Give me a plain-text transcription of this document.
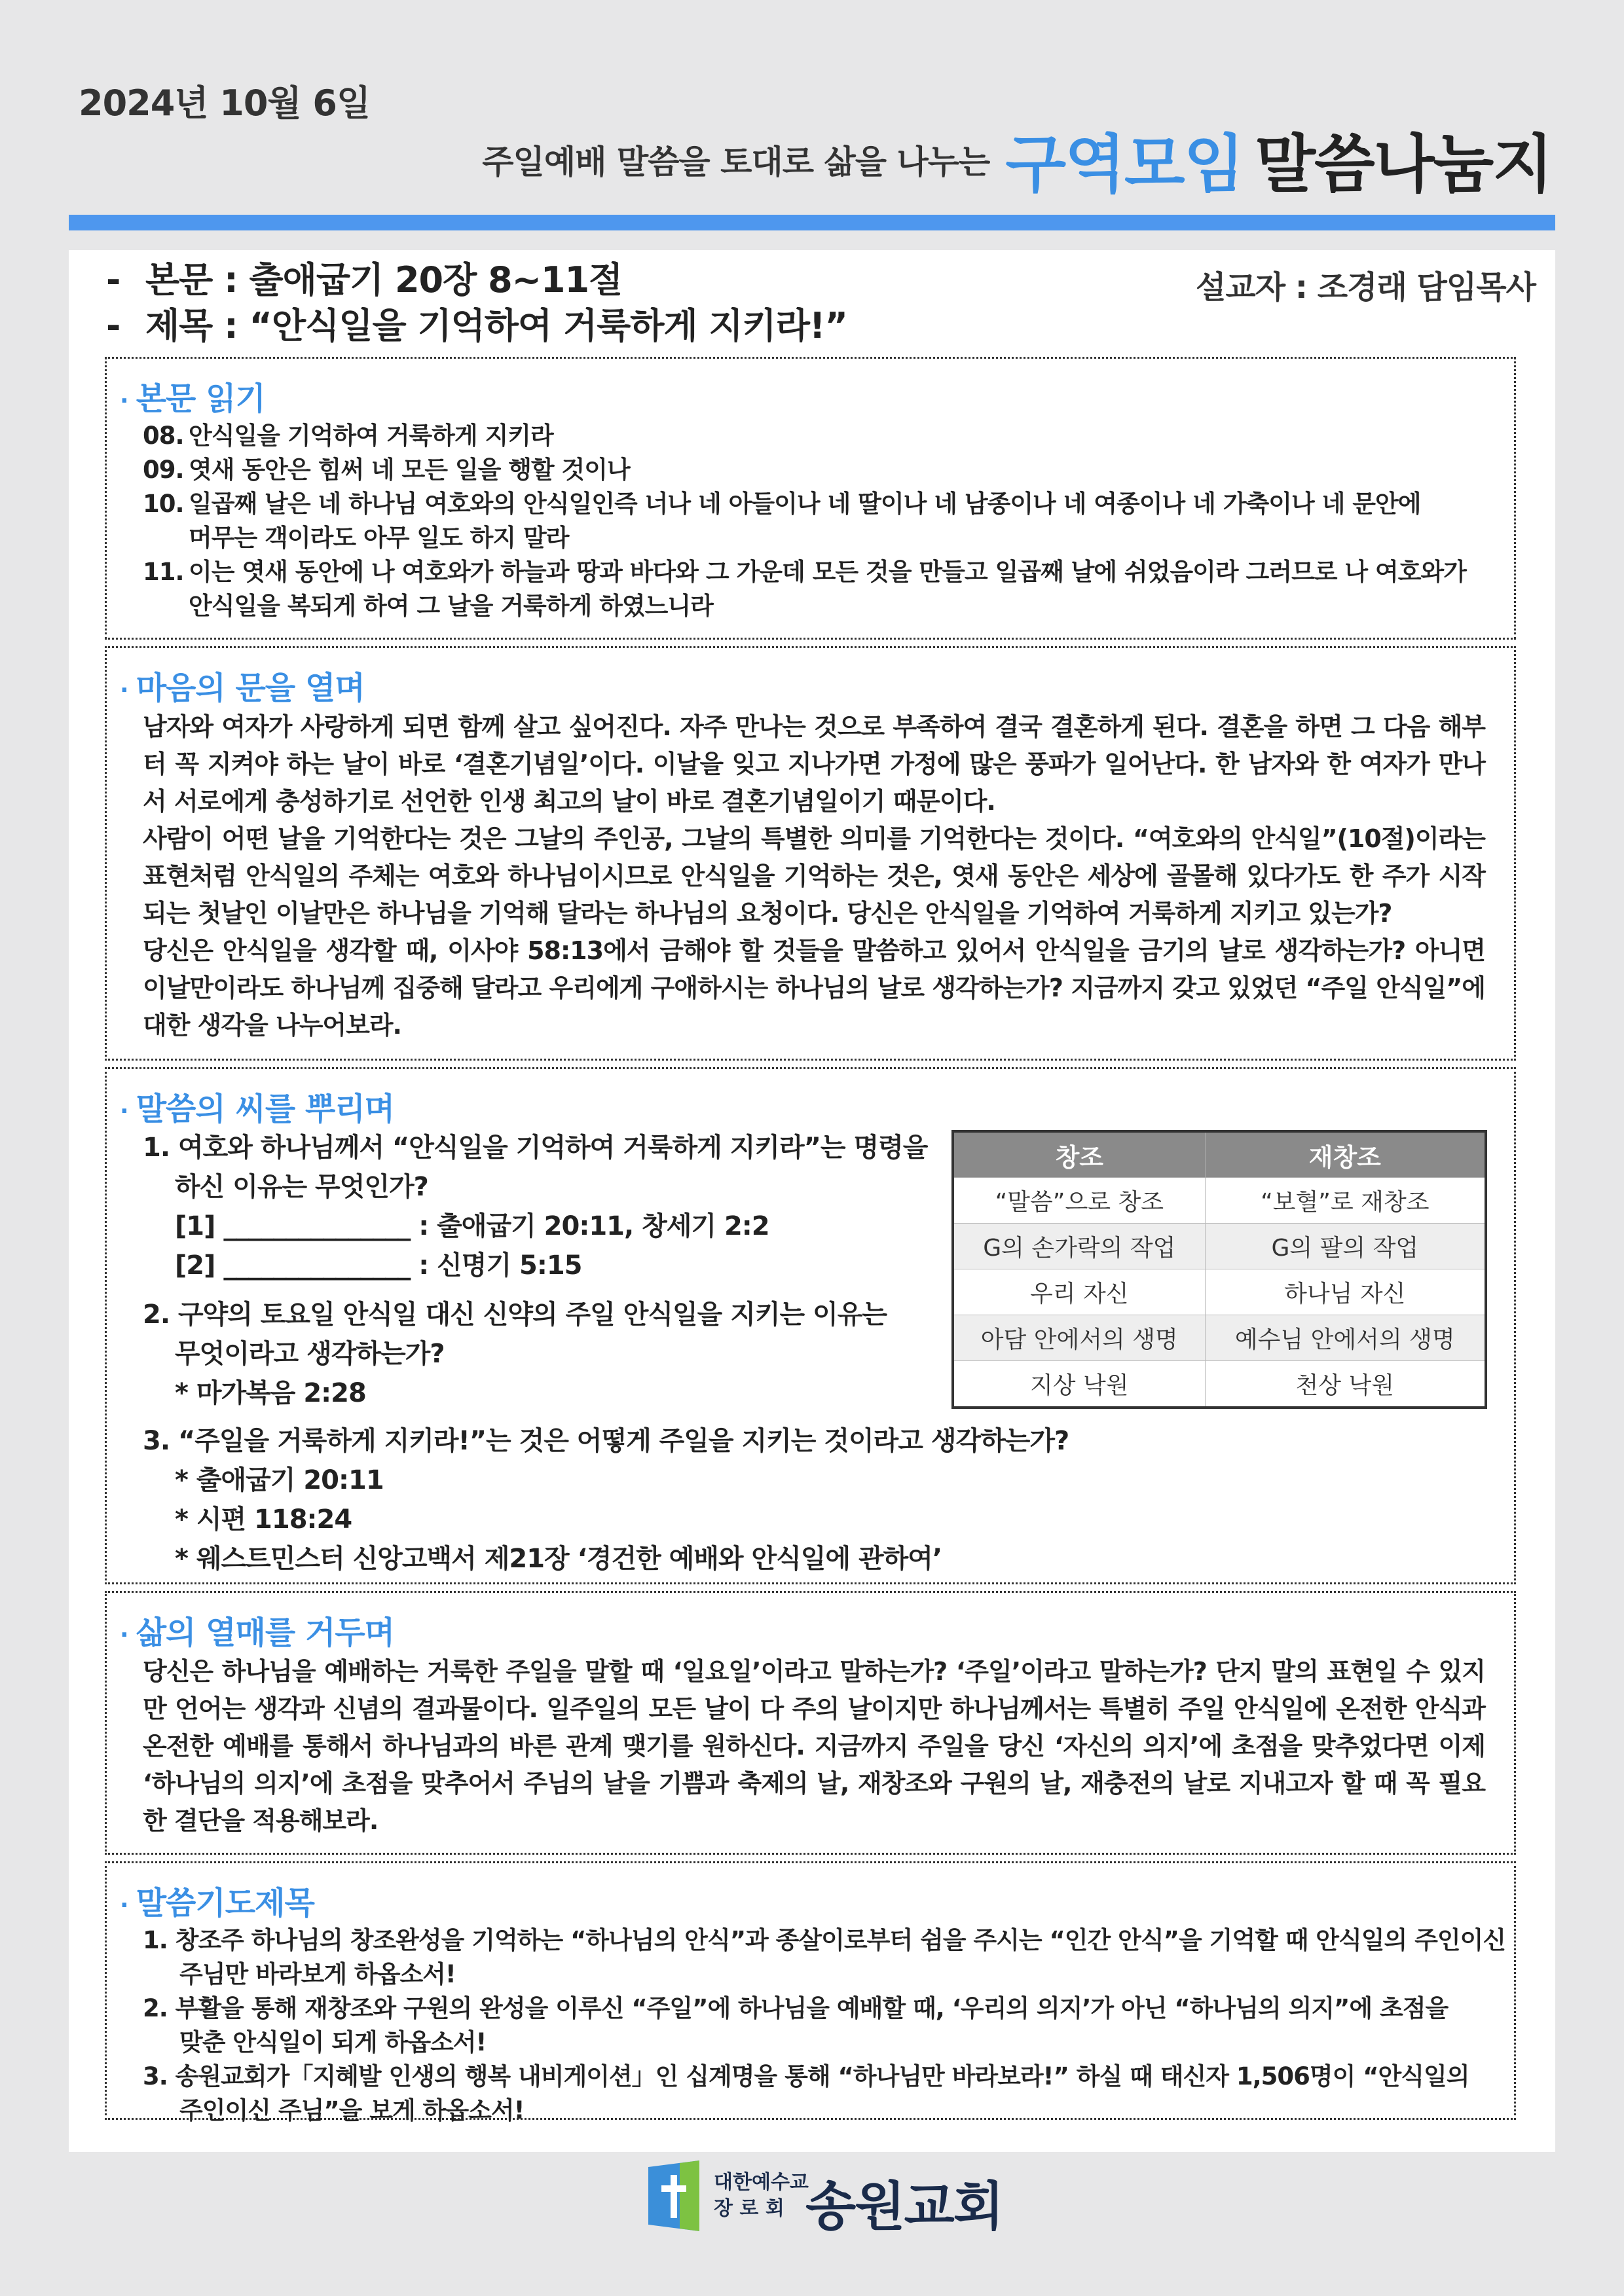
2024년 10월 6일
주일예배 말씀을 토대로 삶을 나누는 구역모임 말씀나눔지
- 본문 : 출애굽기 20장 8~11절
- 제목 : “안식일을 기억하여 거룩하게 지키라!”
설교자 : 조경래 담임목사
· 본문 읽기
08. 안식일을 기억하여 거룩하게 지키라
09. 엿새 동안은 힘써 네 모든 일을 행할 것이나
10. 일곱째 날은 네 하나님 여호와의 안식일인즉 너나 네 아들이나 네 딸이나 네 남종이나 네 여종이나 네 가축이나 네 문안에
머무는 객이라도 아무 일도 하지 말라
11. 이는 엿새 동안에 나 여호와가 하늘과 땅과 바다와 그 가운데 모든 것을 만들고 일곱째 날에 쉬었음이라 그러므로 나 여호와가
안식일을 복되게 하여 그 날을 거룩하게 하였느니라
· 마음의 문을 열며

남자와 여자가 사랑하게 되면 함께 살고 싶어진다. 자주 만나는 것으로 부족하여 결국 결혼하게 된다. 결혼을 하면 그 다음 해부터 꼭 지켜야 하는 날이 바로 ‘결혼기념일’이다. 이날을 잊고 지나가면 가정에 많은 풍파가 일어난다. 한 남자와 한 여자가 만나서 서로에게 충성하기로 선언한 인생 최고의 날이 바로 결혼기념일이기 때문이다.

사람이 어떤 날을 기억한다는 것은 그날의 주인공, 그날의 특별한 의미를 기억한다는 것이다. “여호와의 안식일”(10절)이라는 표현처럼 안식일의 주체는 여호와 하나님이시므로 안식일을 기억하는 것은, 엿새 동안은 세상에 골몰해 있다가도 한 주가 시작되는 첫날인 이날만은 하나님을 기억해 달라는 하나님의 요청이다. 당신은 안식일을 기억하여 거룩하게 지키고 있는가?

당신은 안식일을 생각할 때, 이사야 58:13에서 금해야 할 것들을 말씀하고 있어서 안식일을 금기의 날로 생각하는가? 아니면 이날만이라도 하나님께 집중해 달라고 우리에게 구애하시는 하나님의 날로 생각하는가? 지금까지 갖고 있었던 “주일 안식일”에 대한 생각을 나누어보라.

· 말씀의 씨를 뿌리며
1. 여호와 하나님께서 “안식일을 기억하여 거룩하게 지키라”는 명령을
하신 이유는 무엇인가?
[1] _______________ : 출애굽기 20:11, 창세기 2:2
[2] _______________ : 신명기 5:15
2. 구약의 토요일 안식일 대신 신약의 주일 안식일을 지키는 이유는
무엇이라고 생각하는가?
* 마가복음 2:28
3. “주일을 거룩하게 지키라!”는 것은 어떻게 주일을 지키는 것이라고 생각하는가?
* 출애굽기 20:11
* 시편 118:24
* 웨스트민스터 신앙고백서 제21장 ‘경건한 예배와 안식일에 관하여’
창조	재창조
“말씀”으로 창조	“보혈”로 재창조
G의 손가락의 작업	G의 팔의 작업
우리 자신	하나님 자신
아담 안에서의 생명	예수님 안에서의 생명
지상 낙원	천상 낙원
· 삶의 열매를 거두며

당신은 하나님을 예배하는 거룩한 주일을 말할 때 ‘일요일’이라고 말하는가? ‘주일’이라고 말하는가? 단지 말의 표현일 수 있지만 언어는 생각과 신념의 결과물이다. 일주일의 모든 날이 다 주의 날이지만 하나님께서는 특별히 주일 안식일에 온전한 안식과 온전한 예배를 통해서 하나님과의 바른 관계 맺기를 원하신다. 지금까지 주일을 당신 ‘자신의 의지’에 초점을 맞추었다면 이제 ‘하나님의 의지’에 초점을 맞추어서 주님의 날을 기쁨과 축제의 날, 재창조와 구원의 날, 재충전의 날로 지내고자 할 때 꼭 필요한 결단을 적용해보라.

· 말씀기도제목
1. 창조주 하나님의 창조완성을 기억하는 “하나님의 안식”과 종살이로부터 쉼을 주시는 “인간 안식”을 기억할 때 안식일의 주인이신
주님만 바라보게 하옵소서!
2. 부활을 통해 재창조와 구원의 완성을 이루신 “주일”에 하나님을 예배할 때, ‘우리의 의지’가 아닌 “하나님의 의지”에 초점을
맞춘 안식일이 되게 하옵소서!
3. 송원교회가「지혜발 인생의 행복 내비게이션」인 십계명을 통해 “하나님만 바라보라!” 하실 때 태신자 1,506명이 “안식일의
주인이신 주님”을 보게 하옵소서!
대한예수교
장 로 회 송원교회
